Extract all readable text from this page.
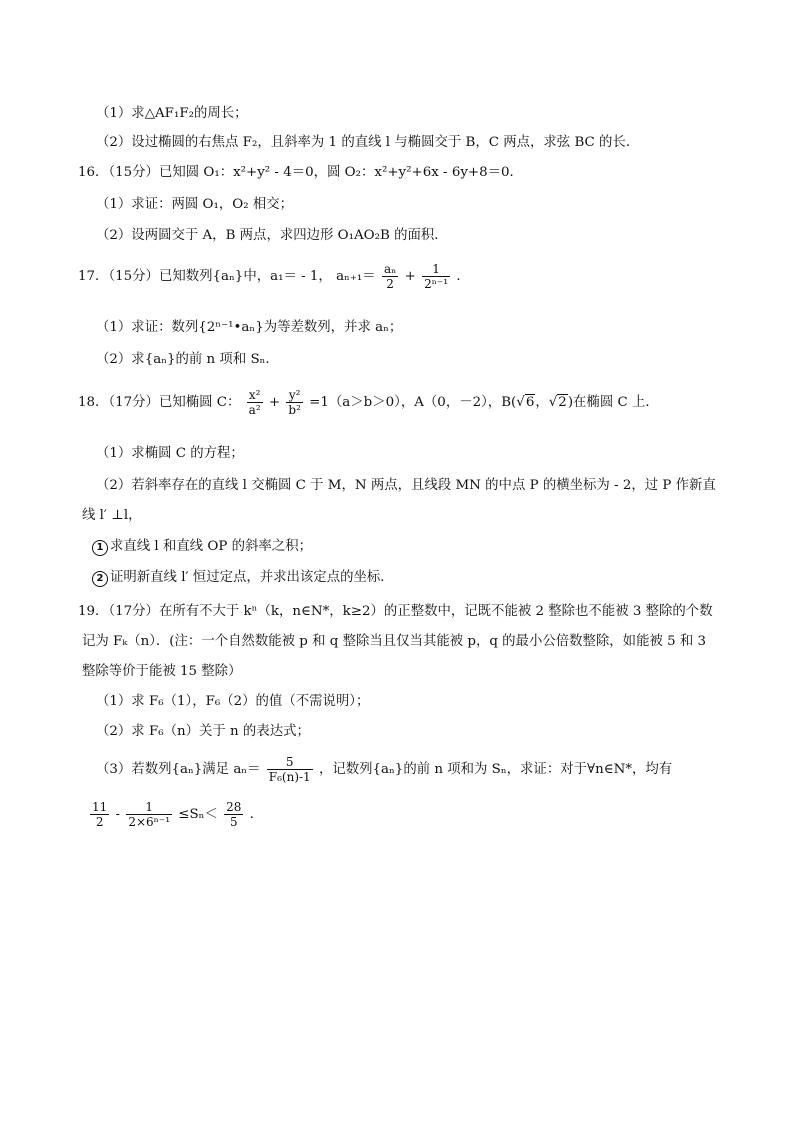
（1）求△AF₁F₂的周长；
（2）设过椭圆的右焦点 F₂，且斜率为 1 的直线 l 与椭圆交于 B，C 两点，求弦 BC 的长．
16．（15分）已知圆 O₁：x²+y² - 4＝0，圆 O₂：x²+y²+6x - 6y+8＝0．
（1）求证：两圆 O₁，O₂ 相交；
（2）设两圆交于 A，B 两点，求四边形 O₁AO₂B 的面积．
17．（15分）已知数列{aₙ}中，a₁＝ - 1， $a_{n+1}= \frac{\text{aₙ}}{2} + \frac{1}{\text{2ⁿ⁻¹}}$ ．
（1）求证：数列{2ⁿ⁻¹•aₙ}为等差数列，并求 aₙ；
（2）求{aₙ}的前 n 项和 Sₙ．
18．（17分）已知椭圆 C： $\frac{\text{x²}}{\text{a²}} + \frac{\text{y²}}{\text{b²}} =1(a>b>0)$，A（0，－2），B(√6，√2)在椭圆 C 上．
（1）求椭圆 C 的方程；
（2）若斜率存在的直线 l 交椭圆 C 于 M，N 两点，且线段 MN 的中点 P 的横坐标为 - 2，过 P 作新直
线 l′ ⊥l，
1 求直线 l 和直线 OP 的斜率之积；
2 证明新直线 l′ 恒过定点，并求出该定点的坐标．
19．（17分）在所有不大于 kⁿ（k，n∈N*，k≥2）的正整数中，记既不能被 2 整除也不能被 3 整除的个数
记为 Fₖ（n）．(注：一个自然数能被 p 和 q 整除当且仅当其能被 p，q 的最小公倍数整除，如能被 5 和 3
整除等价于能被 15 整除）
（1）求 F₆（1），F₆（2）的值（不需说明）；
（2）求 F₆（n）关于 n 的表达式；
（3）若数列{aₙ}满足 $a_n= \frac{5}{\text{F₆(n)-1}}$ ，记数列{aₙ}的前 n 项和为 Sₙ，求证：对于∀n∈N*，均有
$\frac{11}{2} - \frac{1}{\text{2×6ⁿ⁻¹}} \le S_n< \frac{28}{5}$ ．
